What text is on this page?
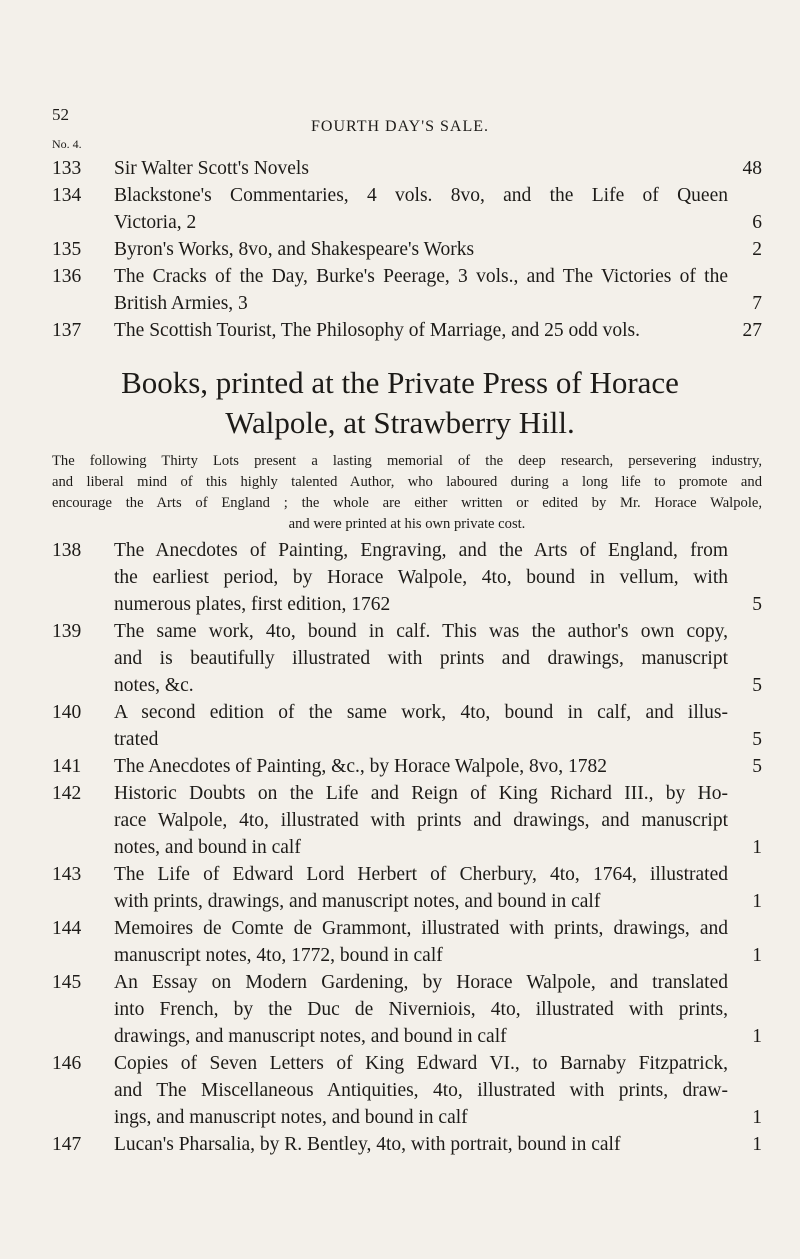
52
FOURTH DAY'S SALE.
No. 4.
133	Sir Walter Scott's Novels	48
134	Blackstone's Commentaries, 4 vols. 8vo, and the Life of Queen
Victoria, 2	6
135	Byron's Works, 8vo, and Shakespeare's Works	2
136	The Cracks of the Day, Burke's Peerage, 3 vols., and The Victories of the
British Armies, 3	7
137	The Scottish Tourist, The Philosophy of Marriage, and 25 odd vols.	27
Books, printed at the Private Press of Horace
Walpole, at Strawberry Hill.
The following Thirty Lots present a lasting memorial of the deep research, persevering industry,
and liberal mind of this highly talented Author, who laboured during a long life to promote and
encourage the Arts of England ; the whole are either written or edited by Mr. Horace Walpole,
and were printed at his own private cost.
138	The Anecdotes of Painting, Engraving, and the Arts of England, from
the earliest period, by Horace Walpole, 4to, bound in vellum, with
numerous plates, first edition, 1762	5
139	The same work, 4to, bound in calf. This was the author's own copy,
and is beautifully illustrated with prints and drawings, manuscript
notes, &c.	5
140	A second edition of the same work, 4to, bound in calf, and illus-
trated	5
141	The Anecdotes of Painting, &c., by Horace Walpole, 8vo, 1782	5
142	Historic Doubts on the Life and Reign of King Richard III., by Ho-
race Walpole, 4to, illustrated with prints and drawings, and manuscript
notes, and bound in calf	1
143	The Life of Edward Lord Herbert of Cherbury, 4to, 1764, illustrated
with prints, drawings, and manuscript notes, and bound in calf	1
144	Memoires de Comte de Grammont, illustrated with prints, drawings, and
manuscript notes, 4to, 1772, bound in calf	1
145	An Essay on Modern Gardening, by Horace Walpole, and translated
into French, by the Duc de Niverniois, 4to, illustrated with prints,
drawings, and manuscript notes, and bound in calf	1
146	Copies of Seven Letters of King Edward VI., to Barnaby Fitzpatrick,
and The Miscellaneous Antiquities, 4to, illustrated with prints, draw-
ings, and manuscript notes, and bound in calf	1
147	Lucan's Pharsalia, by R. Bentley, 4to, with portrait, bound in calf	1
